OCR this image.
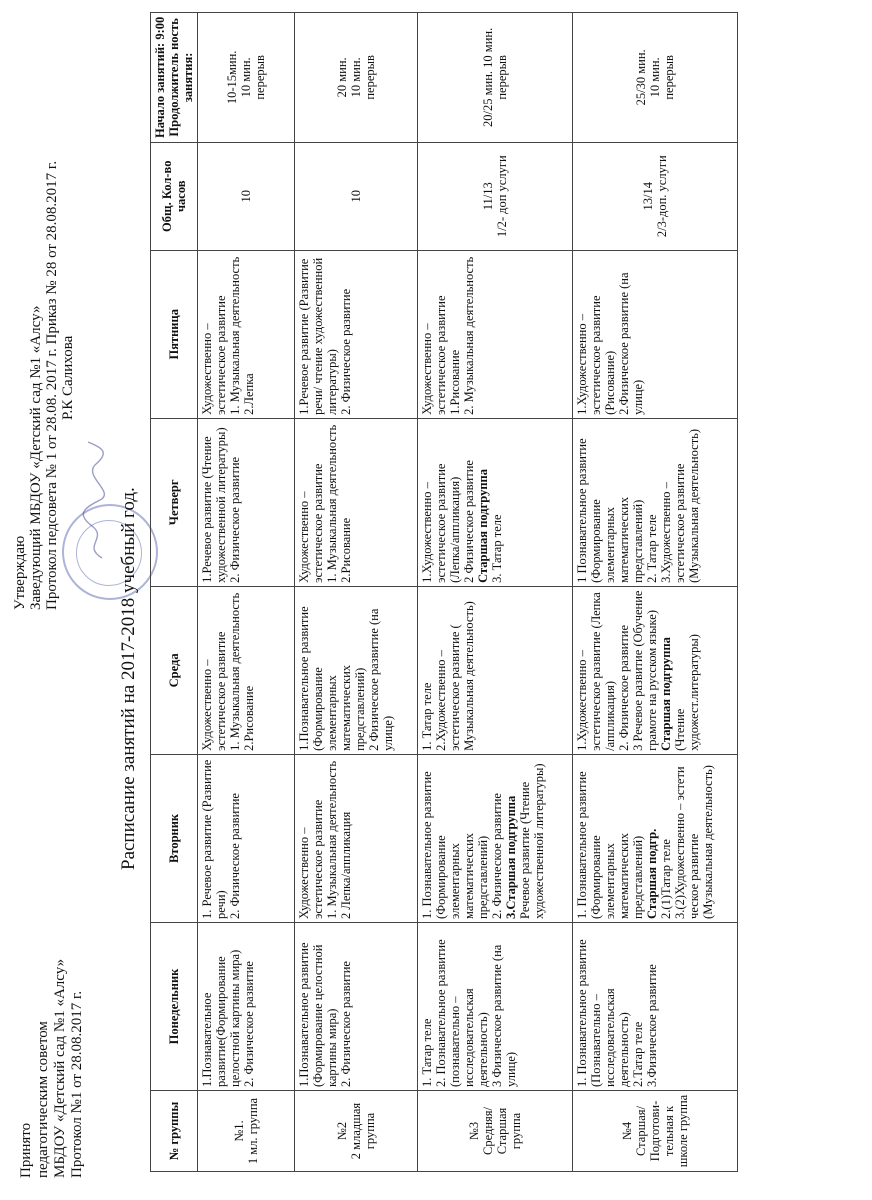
Принято педагогическим советом МБДОУ «Детский сад №1 «Алсу» Протокол №1 от 28.08.2017 г.
Утверждаю Заведующий МБДОУ «Детский сад №1 «Алсу» Протокол педсовета № 1 от 28.08. 2017 г. Приказ № 28 от 28.08.2017 г. Р.К Салихова
Расписание занятий на 2017-2018 учебный год.
№ группы	Понедельник	Вторник	Среда	Четверг	Пятница	Общ. Кол-во часов	Начало занятий: 9:00 Продолжитель ность занятия:

№1. 1 мл. группа	1.Познавательное развитие(Формирование целостной картины мира) 2. Физическое развитие	1. Речевое развитие (Развитие речи) 2. Физическое развитие	Художественно – эстетическое развитие 1. Музыкальная деятельность 2.Рисование	1.Речевое развитие (Чтение художественной литературы) 2. Физическое развитие	Художественно – эстетическое развитие 1. Музыкальная деятельность 2.Лепка	10	10-15мин. 10 мин. перерыв

№2 2 младшая группа	1.Познавательное развитие (Формирование целостной картины мира) 2. Физическое развитие	Художественно – эстетическое развитие 1. Музыкальная деятельность 2 Лепка/аппликация	1.Познавательное развитие (Формирование элементарных математических представлений) 2 Физическое развитие (на улице)	Художественно – эстетическое развитие 1. Музыкальная деятельность 2.Рисование	1.Речевое развитие (Развитие речи/ чтение художественной литературы) 2. Физическое развитие	10	20 мин. 10 мин. перерыв

№3 Средняя/ Старшая группа	1. Татар теле 2. Познавательное развитие (познавательно – исследовательская деятельность) 3 Физическое развитие (на улице)	1. Познавательное развитие (Формирование элементарных математических представлений) 2. Физическое развитие 3.Старшая подгруппа Речевое развитие (Чтение художественной литературы)	1. Татар теле 2.Художественно – эстетическое развитие ( Музыкальная деятельность)	1.Художественно – эстетическое развитие (Лепка/аппликация) 2 Физическое развитие Старшая подгруппа 3. Татар теле	Художественно – эстетическое развитие 1.Рисование 2. Музыкальная деятельность	11/13 1/2- доп услуги	20/25 мин. 10 мин. перерыв

№4 Старшая/ Подготови-тельная к школе группа	1. Познавательное развитие (Познавательно – исследовательская деятельность) 2.Татар теле 3.Физическое развитие	1. Познавательное развитие (Формирование элементарных математических представлений) Старшая подгр. 2.(1)Татар теле 3.(2)Художественно – эстети ческое развитие (Музыкальная деятельность)	1.Художественно – эстетическое развитие (Лепка /аппликация) 2. Физическое развитие 3 Речевое развитие (Обучение грамоте на русском языке) Старшая подгруппа (Чтение художест.литературы)	1 Познавательное развитие (Формирование элементарных математических представлений) 2. Татар теле 3.Художественно – эстетическое развитие (Музыкальная деятельность)	1.Художественно – эстетическое развитие (Рисование) 2.Физическое развитие (на улице)	13/14 2/3-доп. услуги	25/30 мин. 10 мин. перерыв
